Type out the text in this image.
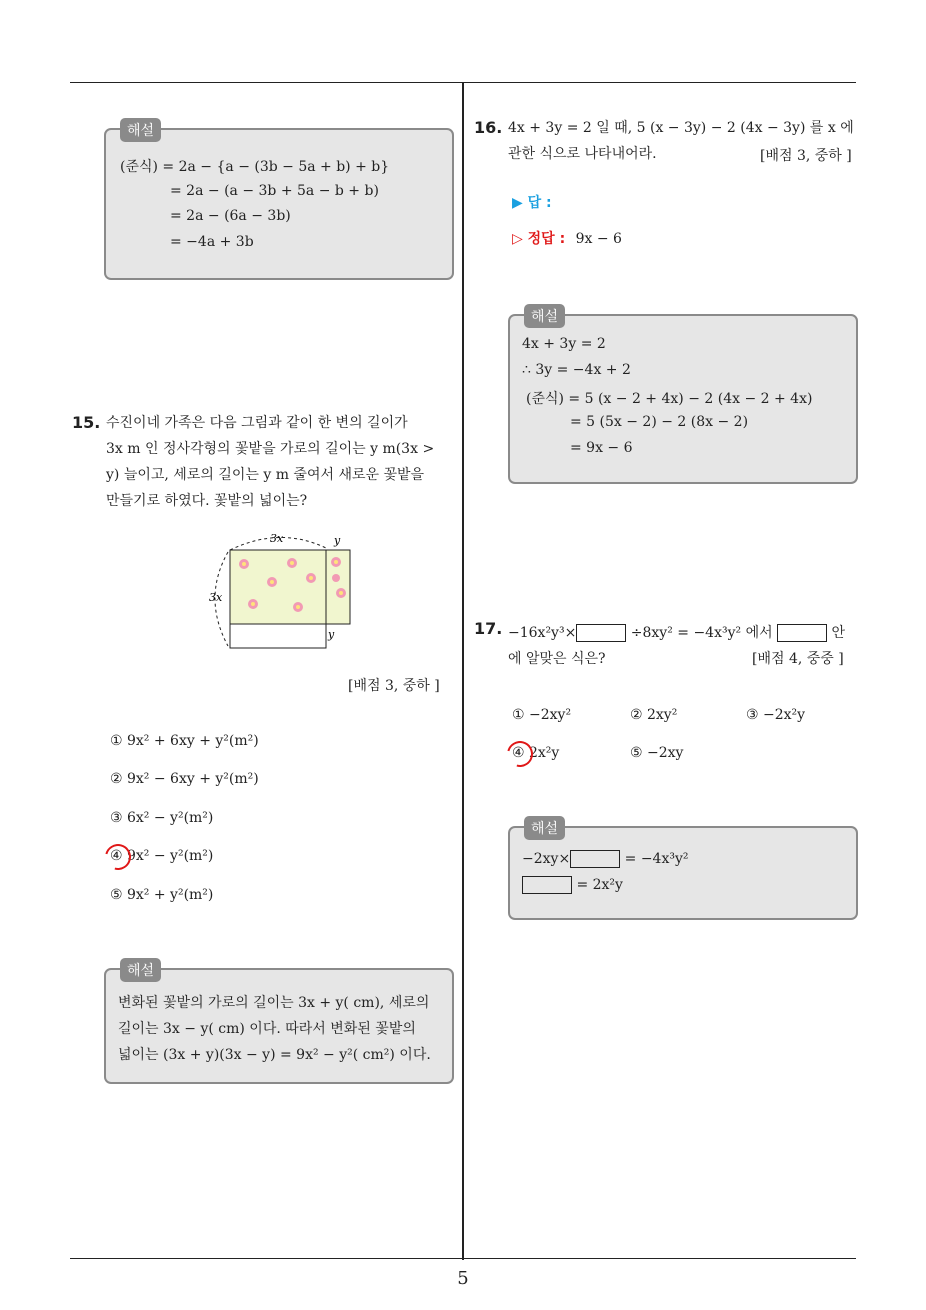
해설
(준식) = 2a − {a − (3b − 5a + b) + b}
= 2a − (a − 3b + 5a − b + b)
= 2a − (6a − 3b)
= −4a + 3b
15. 수진이네 가족은 다음 그림과 같이 한 변의 길이가
3x m 인 정사각형의 꽃밭을 가로의 길이는 y m(3x >
y) 늘이고, 세로의 길이는 y m 줄여서 새로운 꽃밭을
만들기로 하였다. 꽃밭의 넓이는?
3x	y
3x
y
[배점 3, 중하 ]
① 9x² + 6xy + y²(m²)
② 9x² − 6xy + y²(m²)
③ 6x² − y²(m²)
④ 9x² − y²(m²)
⑤ 9x² + y²(m²)
해설
변화된 꽃밭의 가로의 길이는 3x + y( cm), 세로의
길이는 3x − y( cm) 이다. 따라서 변화된 꽃밭의
넓이는 (3x + y)(3x − y) = 9x² − y²( cm²) 이다.
16. 4x + 3y = 2 일 때, 5 (x − 3y) − 2 (4x − 3y) 를 x 에
관한 식으로 나타내어라.	[배점 3, 중하 ]
▶ 답 :
▷ 정답 : 9x − 6
해설
4x + 3y = 2
∴ 3y = −4x + 2
(준식) = 5 (x − 2 + 4x) − 2 (4x − 2 + 4x)
= 5 (5x − 2) − 2 (8x − 2)
= 9x − 6
17. −16x²y³×	÷8xy² = −4x³y² 에서	안
에 알맞은 식은?	[배점 4, 중중 ]
① −2xy²	② 2xy²	③ −2x²y
④ 2x²y	⑤ −2xy
해설
−2xy×	= −4x³y²
= 2x²y
5
